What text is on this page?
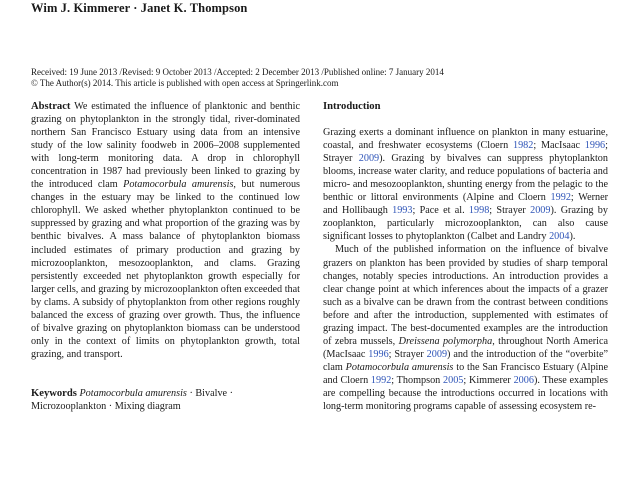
Wim J. Kimmerer · Janet K. Thompson
Received: 19 June 2013 /Revised: 9 October 2013 /Accepted: 2 December 2013 /Published online: 7 January 2014
© The Author(s) 2014. This article is published with open access at Springerlink.com

Abstract We estimated the influence of planktonic and benthic grazing on phytoplankton in the strongly tidal, river-dominated northern San Francisco Estuary using data from an intensive study of the low salinity foodweb in 2006–2008 supplemented with long-term monitoring data. A drop in chlorophyll concentration in 1987 had previously been linked to grazing by the introduced clam Potamocorbula amurensis, but numerous changes in the estuary may be linked to the continued low chlorophyll. We asked whether phytoplankton continued to be suppressed by grazing and what proportion of the grazing was by benthic bivalves. A mass balance of phytoplankton biomass included estimates of primary production and grazing by microzooplankton, mesozooplankton, and clams. Grazing persistently exceeded net phytoplankton growth especially for larger cells, and grazing by microzooplankton often exceeded that by clams. A subsidy of phytoplankton from other regions roughly balanced the excess of grazing over growth. Thus, the influence of bivalve grazing on phytoplankton biomass can be understood only in the context of limits on phytoplankton growth, total grazing, and transport.

Keywords Potamocorbula amurensis · Bivalve · Microzooplankton · Mixing diagram

Introduction

Grazing exerts a dominant influence on plankton in many estuarine, coastal, and freshwater ecosystems (Cloern 1982; MacIsaac 1996; Strayer 2009). Grazing by bivalves can suppress phytoplankton blooms, increase water clarity, and reduce populations of bacteria and micro- and mesozooplankton, shunting energy from the pelagic to the benthic or littoral environments (Alpine and Cloern 1992; Werner and Hollibaugh 1993; Pace et al. 1998; Strayer 2009). Grazing by zooplankton, particularly microzooplankton, can also cause significant losses to phytoplankton (Calbet and Landry 2004).

Much of the published information on the influence of bivalve grazers on plankton has been provided by studies of sharp temporal changes, notably species introductions. An introduction provides a clear change point at which inferences about the impacts of a grazer such as a bivalve can be drawn from the contrast between conditions before and after the introduction, supplemented with estimates of grazing impact. The best-documented examples are the introduction of zebra mussels, Dreissena polymorpha, throughout North America (MacIsaac 1996; Strayer 2009) and the introduction of the “overbite” clam Potamocorbula amurensis to the San Francisco Estuary (Alpine and Cloern 1992; Thompson 2005; Kimmerer 2006). These examples are compelling because the introductions occurred in locations with long-term monitoring programs capable of assessing ecosystem re-
